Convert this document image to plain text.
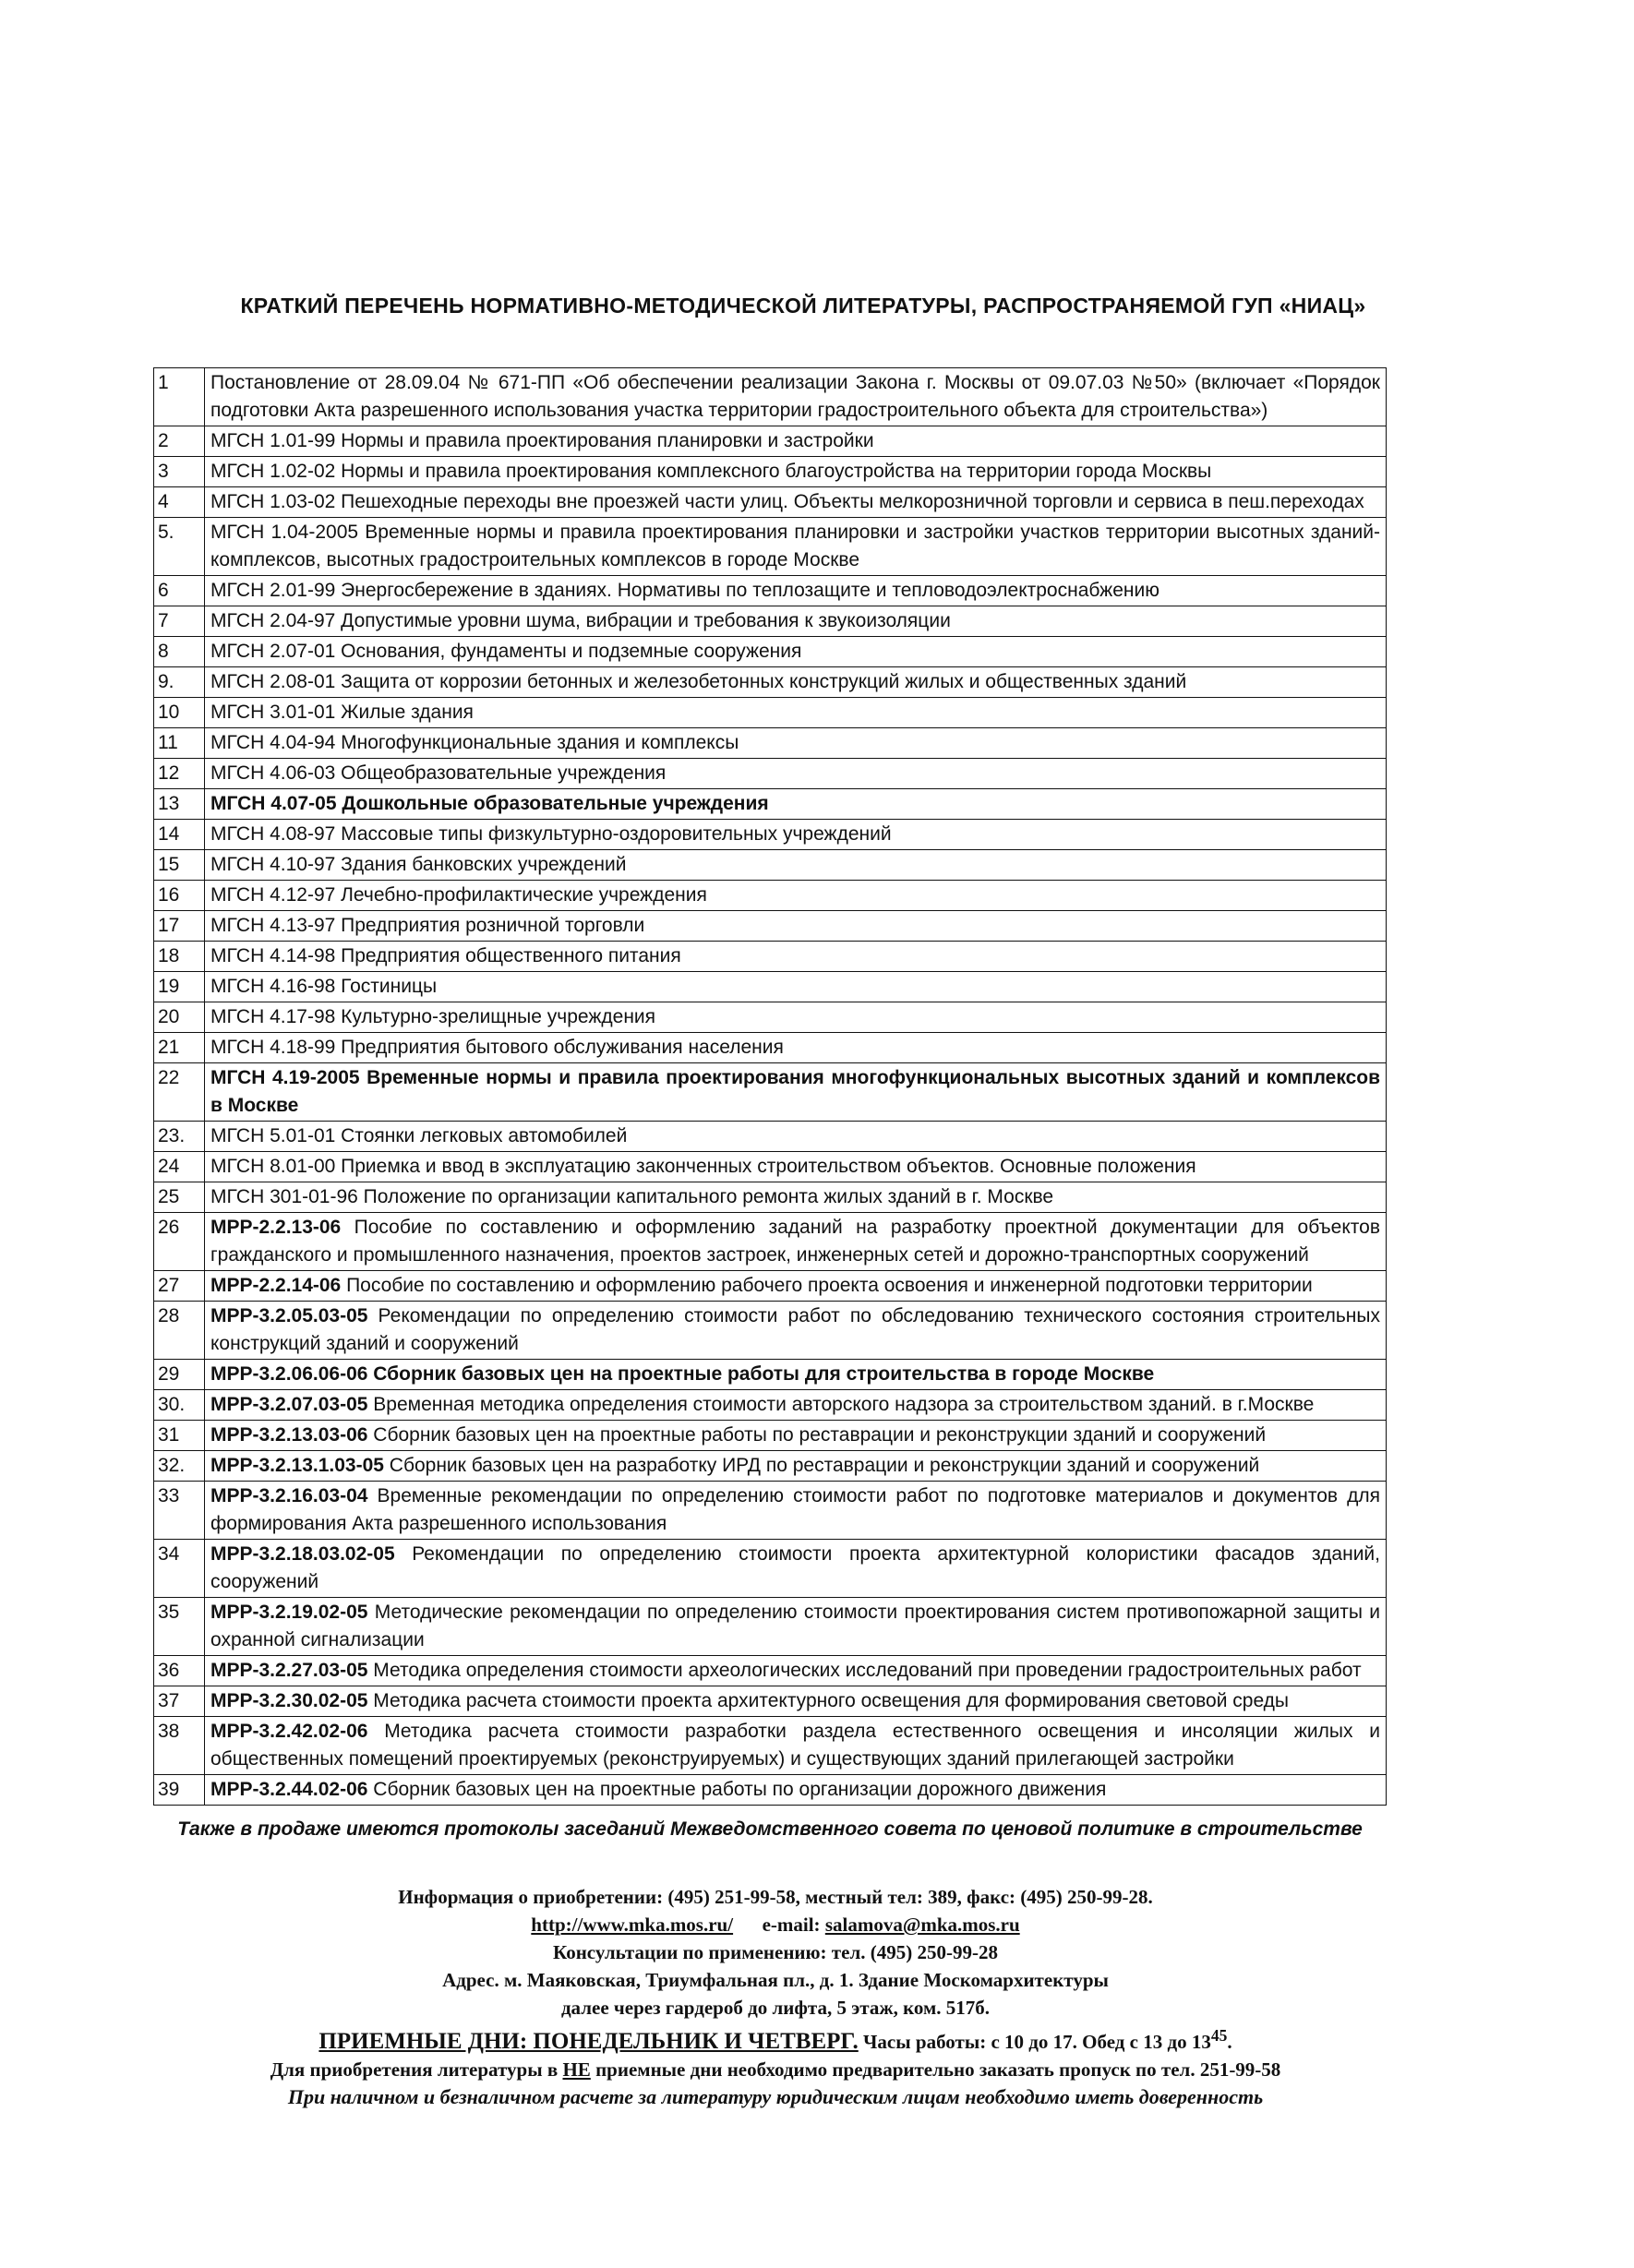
КРАТКИЙ ПЕРЕЧЕНЬ НОРМАТИВНО-МЕТОДИЧЕСКОЙ ЛИТЕРАТУРЫ, РАСПРОСТРАНЯЕМОЙ ГУП «НИАЦ»
1	Постановление от 28.09.04 № 671-ПП «Об обеспечении реализации Закона г. Москвы от 09.07.03 №50» (включает «Порядок подготовки Акта разрешенного использования участка территории градостроительного объекта для строительства»)
2	МГСН 1.01-99 Нормы и правила проектирования планировки и застройки
3	МГСН 1.02-02 Нормы и правила проектирования комплексного благоустройства на территории города Москвы
4	МГСН 1.03-02 Пешеходные переходы вне проезжей части улиц. Объекты мелкорозничной торговли и сервиса в пеш.переходах
5.	МГСН 1.04-2005 Временные нормы и правила проектирования планировки и застройки участков территории высотных зданий-комплексов, высотных градостроительных комплексов в городе Москве
6	МГСН 2.01-99 Энергосбережение в зданиях. Нормативы по теплозащите и тепловодоэлектроснабжению
7	МГСН 2.04-97 Допустимые уровни шума, вибрации и требования к звукоизоляции
8	МГСН 2.07-01 Основания, фундаменты и подземные сооружения
9.	МГСН 2.08-01 Защита от коррозии бетонных и железобетонных конструкций жилых и общественных зданий
10	МГСН 3.01-01 Жилые здания
11	МГСН 4.04-94 Многофункциональные здания и комплексы
12	МГСН 4.06-03 Общеобразовательные учреждения
13	МГСН 4.07-05 Дошкольные образовательные учреждения
14	МГСН 4.08-97 Массовые типы физкультурно-оздоровительных учреждений
15	МГСН 4.10-97 Здания банковских учреждений
16	МГСН 4.12-97 Лечебно-профилактические учреждения
17	МГСН 4.13-97 Предприятия розничной торговли
18	МГСН 4.14-98 Предприятия общественного питания
19	МГСН 4.16-98 Гостиницы
20	МГСН 4.17-98 Культурно-зрелищные учреждения
21	МГСН 4.18-99 Предприятия бытового обслуживания населения
22	МГСН 4.19-2005 Временные нормы и правила проектирования многофункциональных высотных зданий и комплексов в Москве
23.	МГСН 5.01-01 Стоянки легковых автомобилей
24	МГСН 8.01-00 Приемка и ввод в эксплуатацию законченных строительством объектов. Основные положения
25	МГСН 301-01-96 Положение по организации капитального ремонта жилых зданий в г. Москве
26	МРР-2.2.13-06 Пособие по составлению и оформлению заданий на разработку проектной документации для объектов гражданского и промышленного назначения, проектов застроек, инженерных сетей и дорожно-транспортных сооружений
27	МРР-2.2.14-06 Пособие по составлению и оформлению рабочего проекта освоения и инженерной подготовки территории
28	МРР-3.2.05.03-05 Рекомендации по определению стоимости работ по обследованию технического состояния строительных конструкций зданий и сооружений
29	МРР-3.2.06.06-06 Сборник базовых цен на проектные работы для строительства в городе Москве
30.	МРР-3.2.07.03-05 Временная методика определения стоимости авторского надзора за строительством зданий. в г.Москве
31	МРР-3.2.13.03-06 Сборник базовых цен на проектные работы по реставрации и реконструкции зданий и сооружений
32.	МРР-3.2.13.1.03-05 Сборник базовых цен на разработку ИРД по реставрации и реконструкции зданий и сооружений
33	МРР-3.2.16.03-04 Временные рекомендации по определению стоимости работ по подготовке материалов и документов для формирования Акта разрешенного использования
34	МРР-3.2.18.03.02-05 Рекомендации по определению стоимости проекта архитектурной колористики фасадов зданий, сооружений
35	МРР-3.2.19.02-05 Методические рекомендации по определению стоимости проектирования систем противопожарной защиты и охранной сигнализации
36	МРР-3.2.27.03-05 Методика определения стоимости археологических исследований при проведении градостроительных работ
37	МРР-3.2.30.02-05 Методика расчета стоимости проекта архитектурного освещения для формирования световой среды
38	МРР-3.2.42.02-06 Методика расчета стоимости разработки раздела естественного освещения и инсоляции жилых и общественных помещений проектируемых (реконструируемых) и существующих зданий прилегающей застройки
39	МРР-3.2.44.02-06 Сборник базовых цен на проектные работы по организации дорожного движения
Также в продаже имеются протоколы заседаний Межведомственного совета по ценовой политике в строительстве
Информация о приобретении: (495) 251-99-58, местный тел: 389, факс: (495) 250-99-28.
http://www.mka.mos.ru/ e-mail: salamova@mka.mos.ru
Консультации по применению: тел. (495) 250-99-28
Адрес. м. Маяковская, Триумфальная пл., д. 1. Здание Москомархитектуры
далее через гардероб до лифта, 5 этаж, ком. 517б.
ПРИЕМНЫЕ ДНИ: ПОНЕДЕЛЬНИК И ЧЕТВЕРГ. Часы работы: с 10 до 17. Обед с 13 до $13^{45}$.
Для приобретения литературы в НЕ приемные дни необходимо предварительно заказать пропуск по тел. 251-99-58
При наличном и безналичном расчете за литературу юридическим лицам необходимо иметь доверенность
